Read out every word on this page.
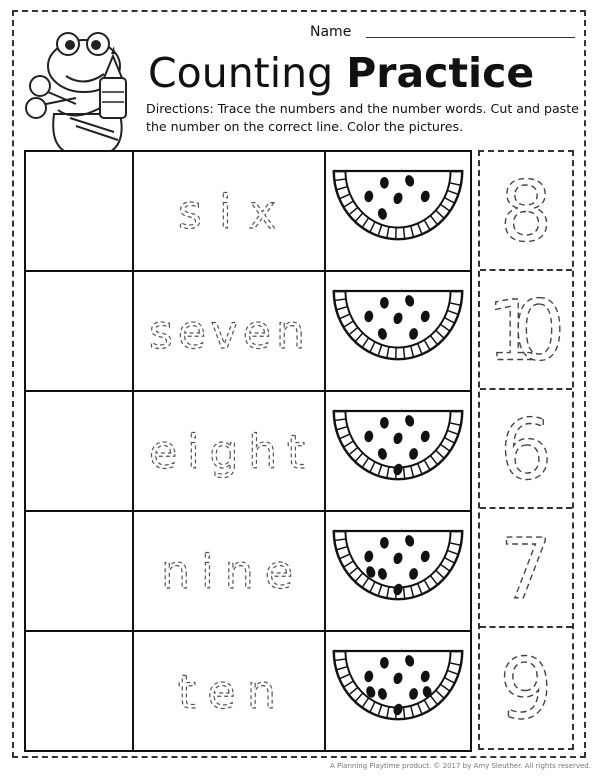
Name
Counting Practice
Directions: Trace the numbers and the number words. Cut and paste the number on the correct line. Color the pictures.
six
seven
eight
nine
ten
8
10
6
7
9
A Planning Playtime product. © 2017 by Amy Sleuther. All rights reserved.
